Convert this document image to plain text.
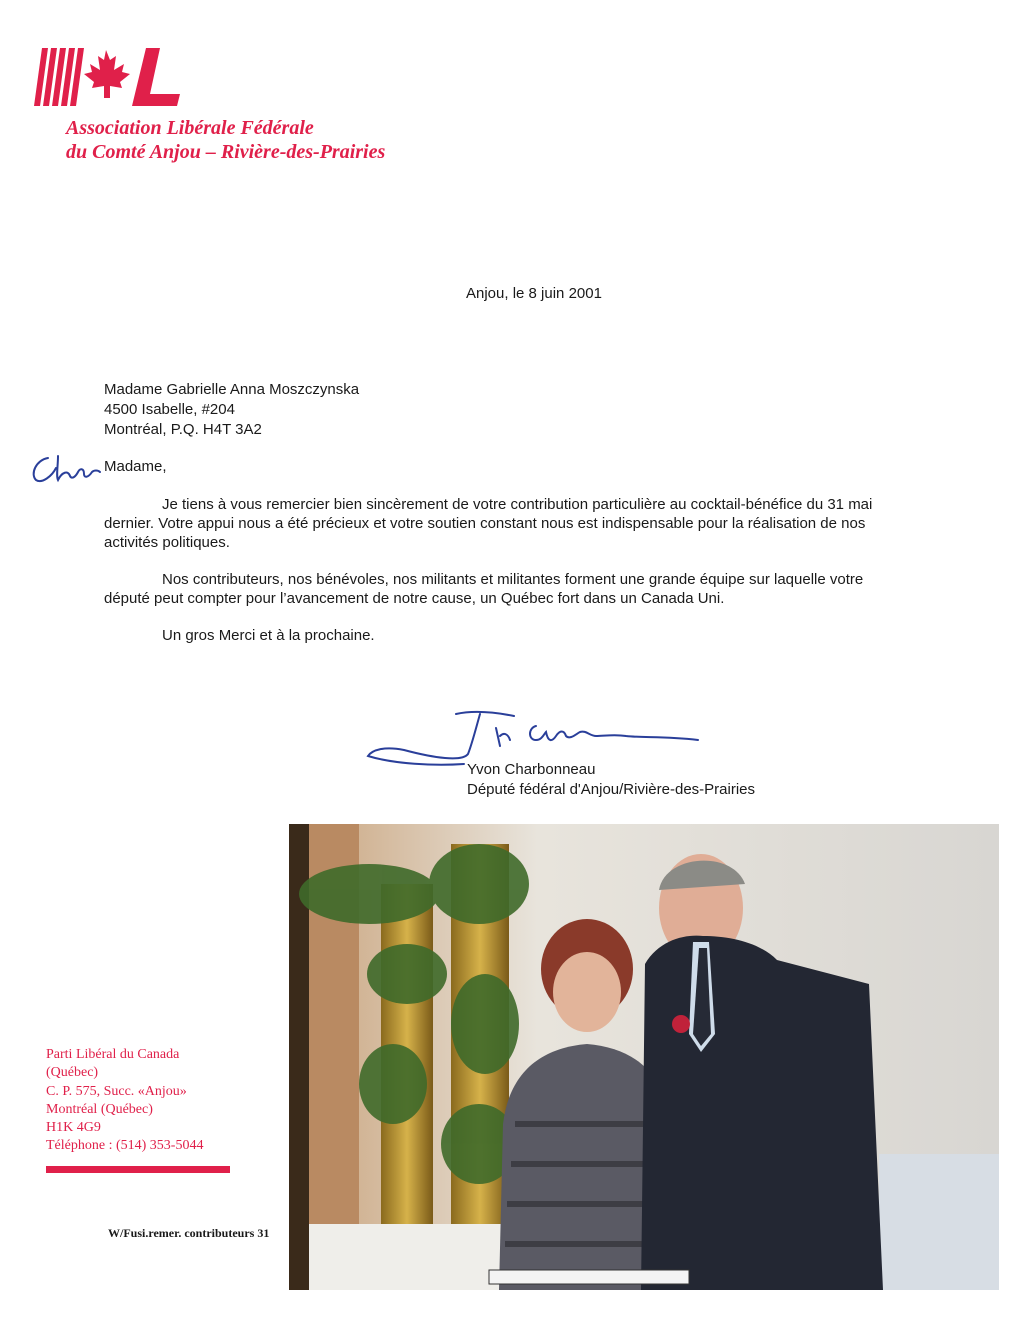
Association Libérale Fédérale
du Comté Anjou – Rivière-des-Prairies
Anjou, le 8 juin 2001
Madame Gabrielle Anna Moszczynska
4500 Isabelle, #204
Montréal, P.Q. H4T 3A2
Madame,

Je tiens à vous remercier bien sincèrement de votre contribution particulière au cocktail-bénéfice du 31 mai dernier. Votre appui nous a été précieux et votre soutien constant nous est indispensable pour la réalisation de nos activités politiques.

Nos contributeurs, nos bénévoles, nos militants et militantes forment une grande équipe sur laquelle votre député peut compter pour l’avancement de notre cause, un Québec fort dans un Canada Uni.

Un gros Merci et à la prochaine.

Yvon Charbonneau
Député fédéral d'Anjou/Rivière-des-Prairies
Parti Libéral du Canada
(Québec)
C. P. 575, Succ. «Anjou»
Montréal (Québec)
H1K 4G9
Téléphone : (514) 353-5044
W/Fusi.remer. contributeurs 31
